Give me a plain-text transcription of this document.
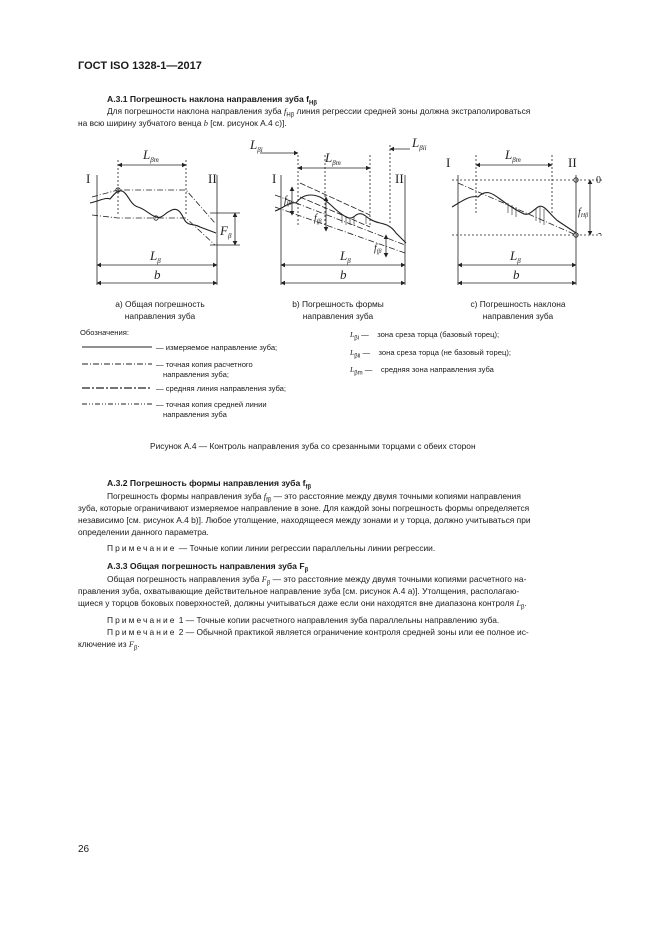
ГОСТ ISO 1328-1—2017
A.3.1 Погрешность наклона направления зуба $f_{H\beta}$
Для погрешности наклона направления зуба $f_{H\beta}$ линия регрессии средней зоны должна экстраполироваться
на всю ширину зубчатого венца b [см. рисунок A.4 c)].
I	II
$L_{\beta m}$
$L_\beta$
b
$F_\beta$
I	II
$L_{\beta i}$	$L_{\beta ii}$
$L_{\beta m}$
$L_\beta$
b
$f_{f\beta}$
$f_{f\beta}$
$f_{f\beta}$
I	II
$L_{\beta m}$
$L_\beta$
b
0
-
$f_{H\beta}$
а) Общая погрешность
направления зуба
b) Погрешность формы
направления зуба
с) Погрешность наклона
направления зуба
Обозначения:
— измеряемое направление зуба;
— точная копия расчетного
направления зуба;
— средняя линия направления зуба;
— точная копия средней линии
направления зуба
$L_{\beta i}$ —    зона среза торца (базовый торец);
$L_{\beta ii}$ —    зона среза торца (не базовый торец);
$L_{\beta m}$ —    средняя зона направления зуба
Рисунок A.4 — Контроль направления зуба со срезанными торцами с обеих сторон
A.3.2 Погрешность формы направления зуба $f_{f\beta}$
Погрешность формы направления зуба $f_{f\beta}$ — это расстояние между двумя точными копиями направления
зуба, которые ограничивают измеряемое направление в зоне. Для каждой зоны погрешность формы определяется
независимо [см. рисунок A.4 b)]. Любое утолщение, находящееся между зонами и у торца, должно учитываться при
определении данного параметра.
Примечание — Точные копии линии регрессии параллельны линии регрессии.
A.3.3 Общая погрешность направления зуба $F_\beta$
Общая погрешность направления зуба $F_\beta$ — это расстояние между двумя точными копиями расчетного на-
правления зуба, охватывающие действительное направление зуба [см. рисунок A.4 a)]. Утолщения, располагаю-
щиеся у торцов боковых поверхностей, должны учитываться даже если они находятся вне диапазона контроля $L_\beta$.
Примечание 1 — Точные копии расчетного направления зуба параллельны направлению зуба.
Примечание 2 — Обычной практикой является ограничение контроля средней зоны или ее полное ис-
ключение из $F_\beta$.
26
